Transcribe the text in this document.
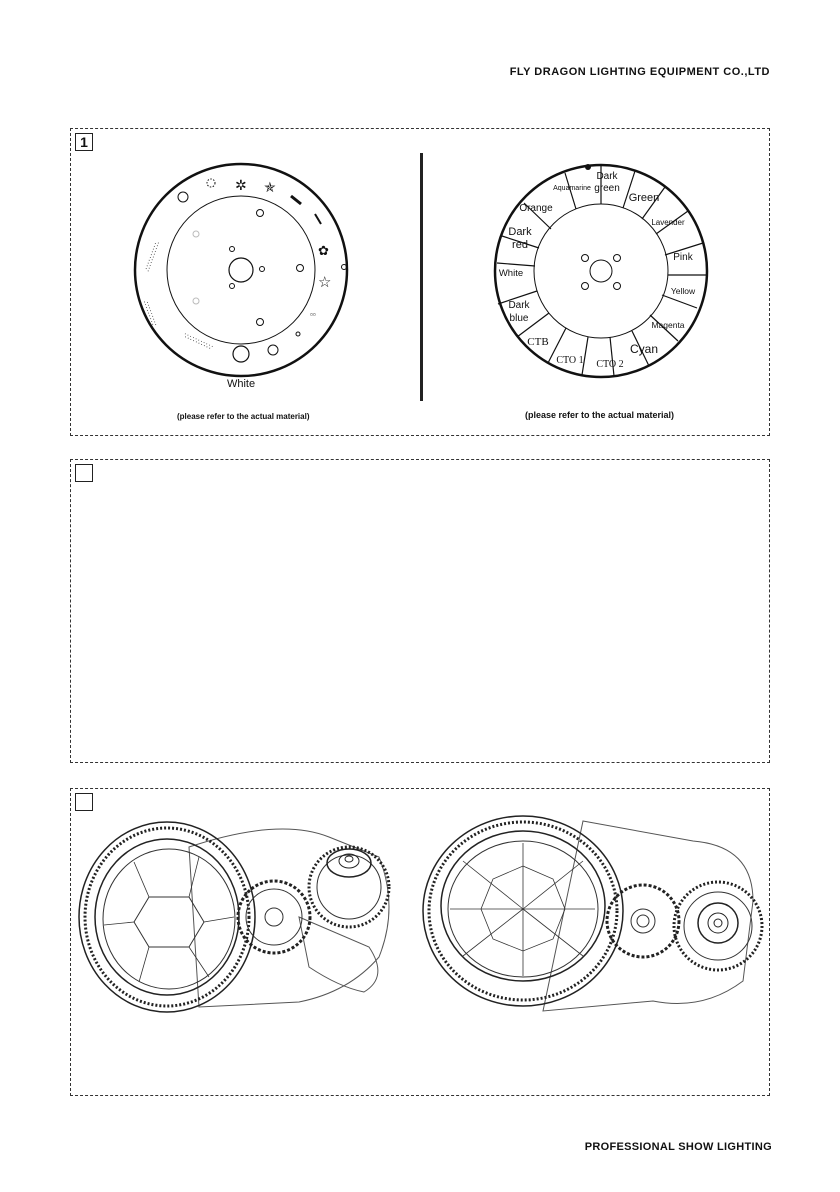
FLY DRAGON LIGHTING EQUIPMENT CO.,LTD
1
✲ ✯
✿
☆
▫▫
∴∵∴∵∴∵∴
∴∵∴∵∴∵
∵∴∵∴∵∴∵
White
(please refer to the actual material)
Dark
green
Green
Lavender
Pink
Yellow
Magenta
Cyan
CTO 2
CTO 1
CTB
Dark
blue
White
Dark
red
Orange
Aquamarine
(please refer to the actual material)
PROFESSIONAL SHOW LIGHTING
